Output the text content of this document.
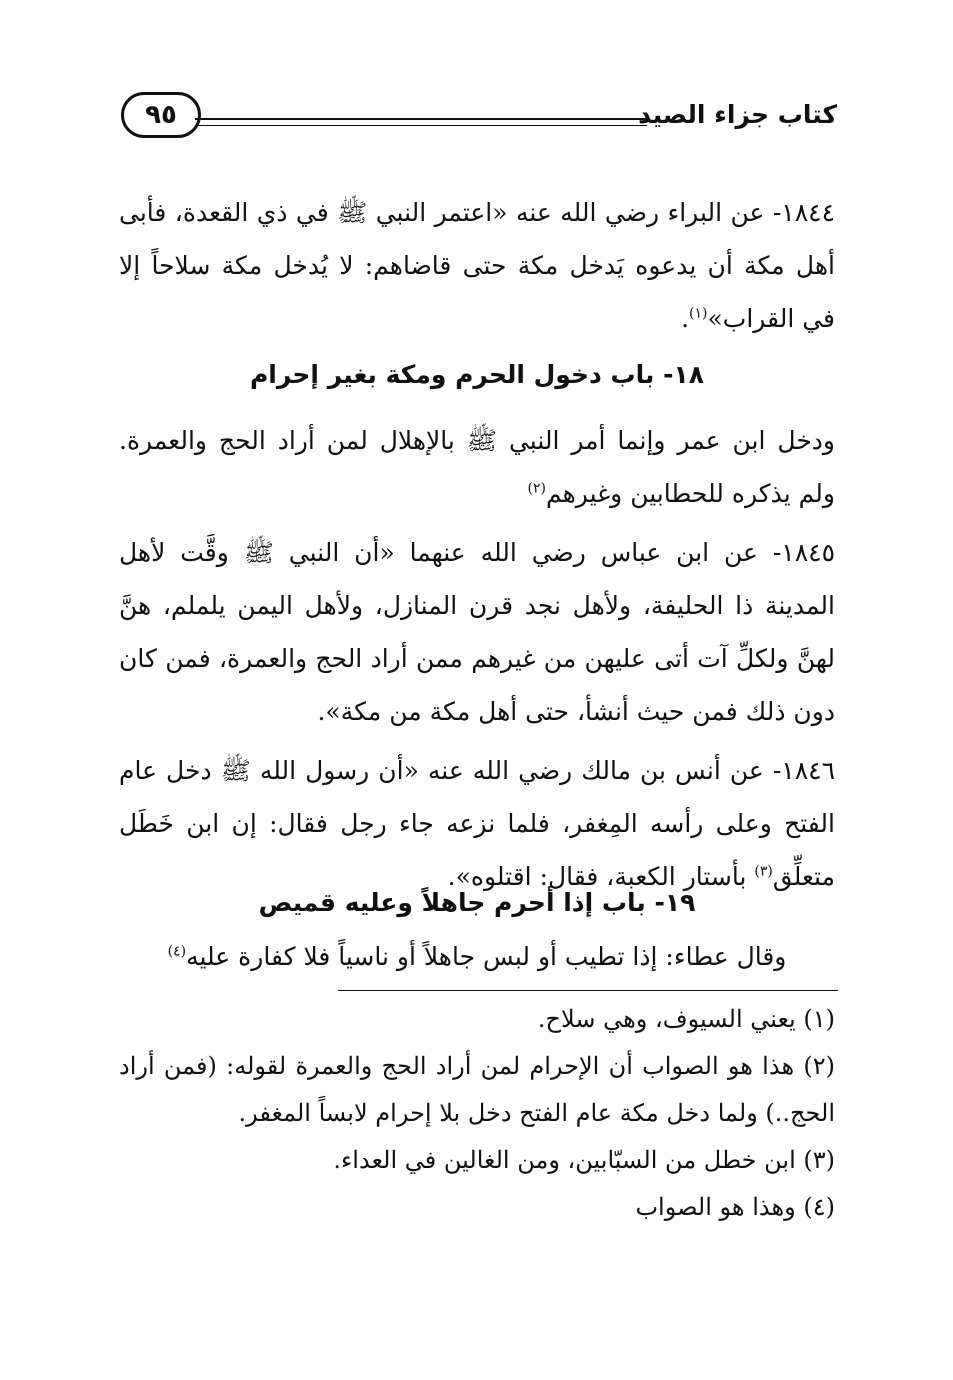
كتاب جزاء الصيد
٩٥

١٨٤٤- عن البراء رضي الله عنه «اعتمر النبي ﷺ في ذي القعدة، فأبى أهل مكة أن يدعوه يَدخل مكة حتى قاضاهم: لا يُدخل مكة سلاحاً إلا في القراب»$^{(١)}$.

١٨- باب دخول الحرم ومكة بغير إحرام

ودخل ابن عمر وإنما أمر النبي ﷺ بالإهلال لمن أراد الحج والعمرة. ولم يذكره للحطابين وغيرهم$^{(٢)}$

١٨٤٥- عن ابن عباس رضي الله عنهما «أن النبي ﷺ وقَّت لأهل المدينة ذا الحليفة، ولأهل نجد قرن المنازل، ولأهل اليمن يلملم، هنَّ لهنَّ ولكلِّ آت أتى عليهن من غيرهم ممن أراد الحج والعمرة، فمن كان دون ذلك فمن حيث أنشأ، حتى أهل مكة من مكة».

١٨٤٦- عن أنس بن مالك رضي الله عنه «أن رسول الله ﷺ دخل عام الفتح وعلى رأسه المِغفر، فلما نزعه جاء رجل فقال: إن ابن خَطَل متعلِّق$^{(٣)}$ بأستار الكعبة، فقال: اقتلوه».

١٩- باب إذا أحرم جاهلاً وعليه قميص

وقال عطاء: إذا تطيب أو لبس جاهلاً أو ناسياً فلا كفارة عليه$^{(٤)}$

(١) يعني السيوف، وهي سلاح.

(٢) هذا هو الصواب أن الإحرام لمن أراد الحج والعمرة لقوله: (فمن أراد الحج..) ولما دخل مكة عام الفتح دخل بلا إحرام لابساً المغفر.

(٣) ابن خطل من السبّابين، ومن الغالين في العداء.

(٤) وهذا هو الصواب
